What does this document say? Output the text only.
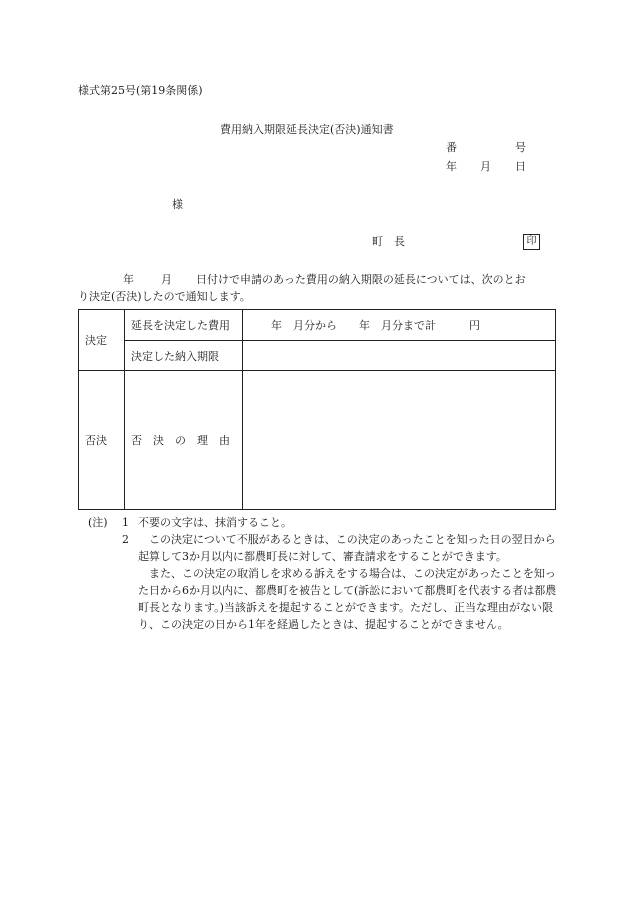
様式第25号(第19条関係)
費用納入期限延長決定(否決)通知書
番	号
年 月 日
様
町　長	印
年 月 日付けで申請のあった費用の納入期限の延長については、次のとお
り決定(否決)したので通知します。
決定	延長を決定した費用	年　月分から　　年　月分まで計　　　円
	決定した納入期限	
否決	否　決　の　理　由	
(注) 1 不要の文字は、抹消すること。
2	この決定について不服があるときは、この決定のあったことを知った日の翌日から起算して3か月以内に都農町長に対して、審査請求をすることができます。
また、この決定の取消しを求める訴えをする場合は、この決定があったことを知った日から6か月以内に、都農町を被告として(訴訟において都農町を代表する者は都農町長となります。)当該訴えを提起することができます。ただし、正当な理由がない限り、この決定の日から1年を経過したときは、提起することができません。
